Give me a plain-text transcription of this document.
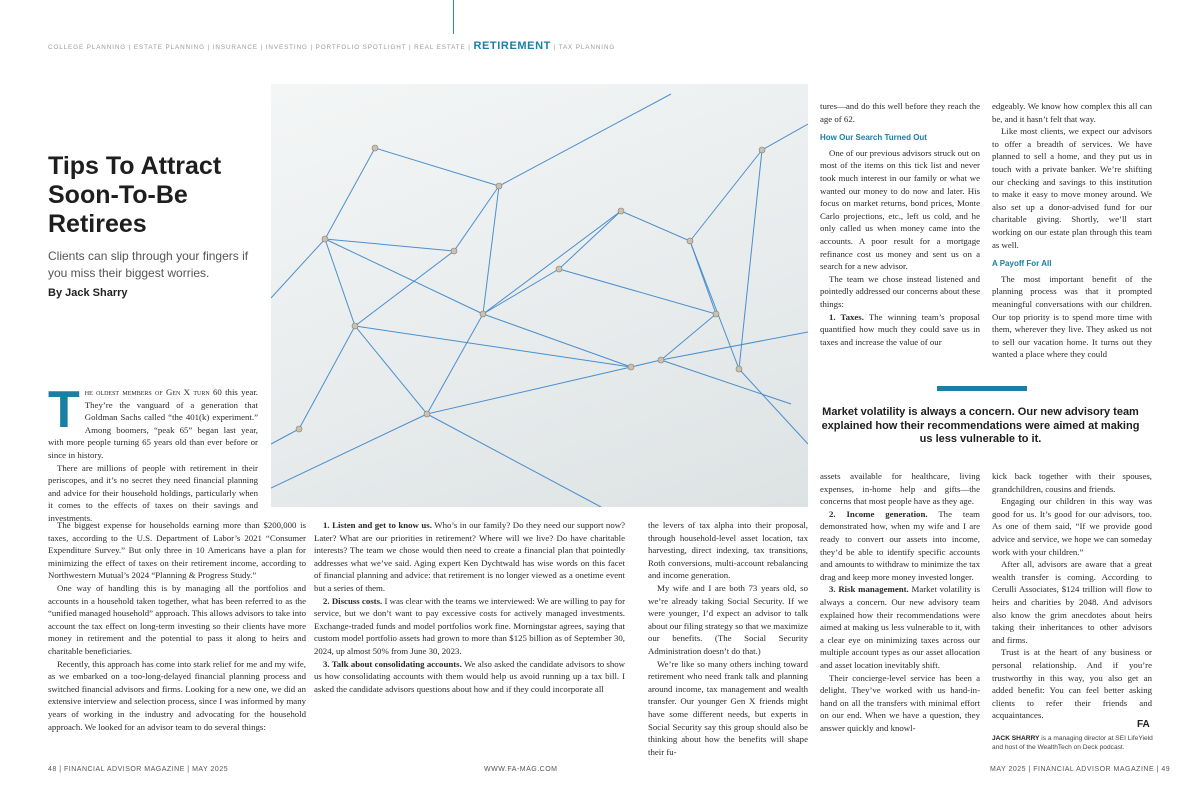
COLLEGE PLANNING | ESTATE PLANNING | INSURANCE | INVESTING | PORTFOLIO SPOTLIGHT | REAL ESTATE | RETIREMENT | TAX PLANNING
Tips To Attract Soon-To-Be Retirees
Clients can slip through your fingers if you miss their biggest worries.
By Jack Sharry

T he oldest members of Gen X turn 60 this year. They’re the vanguard of a generation that Goldman Sachs called “the 401(k) experiment.” Among boomers, “peak 65” began last year, with more people turning 65 years old than ever before or since in history.

There are millions of people with retirement in their periscopes, and it’s no secret they need financial planning and advice for their household holdings, particularly when it comes to the effects of taxes on their savings and investments.

The biggest expense for households earning more than $200,000 is taxes, according to the U.S. Department of Labor’s 2021 “Consumer Expenditure Survey.” But only three in 10 Americans have a plan for minimizing the effect of taxes on their retirement income, according to Northwestern Mutual’s 2024 “Planning & Progress Study.”

One way of handling this is by managing all the portfolios and accounts in a household taken together, what has been referred to as the “unified managed household” approach. This allows advisors to take into account the tax effect on long-term investing so their clients have more money in retirement and the potential to pass it along to heirs and charitable beneficiaries.

Recently, this approach has come into stark relief for me and my wife, as we embarked on a too-long-delayed financial planning process and switched financial advisors and firms. Looking for a new one, we did an extensive interview and selection process, since I was informed by many years of working in the industry and advocating for the household approach. We looked for an advisor team to do several things:

1. Listen and get to know us. Who’s in our family? Do they need our support now? Later? What are our priorities in retirement? Where will we live? Do have charitable interests? The team we chose would then need to create a financial plan that pointedly addresses what we’ve said. Aging expert Ken Dychtwald has wise words on this facet of financial planning and advice: that retirement is no longer viewed as a onetime event but a series of them.

2. Discuss costs. I was clear with the teams we interviewed: We are willing to pay for service, but we don’t want to pay excessive costs for actively managed investments. Exchange-traded funds and model portfolios work fine. Morningstar agrees, saying that custom model portfolio assets had grown to more than $125 billion as of September 30, 2024, up almost 50% from June 30, 2023.

3. Talk about consolidating accounts. We also asked the candidate advisors to show us how consolidating accounts with them would help us avoid running up a tax bill. I asked the candidate advisors questions about how and if they could incorporate all

the levers of tax alpha into their proposal, through household-level asset location, tax harvesting, direct indexing, tax transitions, Roth conversions, multi-account rebalancing and income generation.

My wife and I are both 73 years old, so we’re already taking Social Security. If we were younger, I’d expect an advisor to talk about our filing strategy so that we maximize our benefits. (The Social Security Administration doesn’t do that.)

We’re like so many others inching toward retirement who need frank talk and planning around income, tax management and wealth transfer. Our younger Gen X friends might have some different needs, but experts in Social Security say this group should also be thinking about how the benefits will shape their fu-

tures—and do this well before they reach the age of 62.

How Our Search Turned Out

One of our previous advisors struck out on most of the items on this tick list and never took much interest in our family or what we wanted our money to do now and later. His focus on market returns, bond prices, Monte Carlo projections, etc., left us cold, and he only called us when money came into the accounts. A poor result for a mortgage refinance cost us money and sent us on a search for a new advisor.

The team we chose instead listened and pointedly addressed our concerns about these things:

1. Taxes. The winning team’s proposal quantified how much they could save us in taxes and increase the value of our

edgeably. We know how complex this all can be, and it hasn’t felt that way.

Like most clients, we expect our advisors to offer a breadth of services. We have planned to sell a home, and they put us in touch with a private banker. We’re shifting our checking and savings to this institution to make it easy to move money around. We also set up a donor-advised fund for our charitable giving. Shortly, we’ll start working on our estate plan through this team as well.

A Payoff For All

The most important benefit of the planning process was that it prompted meaningful conversations with our children. Our top priority is to spend more time with them, wherever they live. They asked us not to sell our vacation home. It turns out they wanted a place where they could

Market volatility is always a concern. Our new advisory team explained how their recommendations were aimed at making us less vulnerable to it.

assets available for healthcare, living expenses, in-home help and gifts—the concerns that most people have as they age.

2. Income generation. The team demonstrated how, when my wife and I are ready to convert our assets into income, they’d be able to identify specific accounts and amounts to withdraw to minimize the tax drag and keep more money invested longer.

3. Risk management. Market volatility is always a concern. Our new advisory team explained how their recommendations were aimed at making us less vulnerable to it, with a clear eye on minimizing taxes across our multiple account types as our asset allocation and asset location inevitably shift.

Their concierge-level service has been a delight. They’ve worked with us hand-in-hand on all the transfers with minimal effort on our end. When we have a question, they answer quickly and knowl-

kick back together with their spouses, grandchildren, cousins and friends.

Engaging our children in this way was good for us. It’s good for our advisors, too. As one of them said, “If we provide good advice and service, we hope we can someday work with your children.”

After all, advisors are aware that a great wealth transfer is coming. According to Cerulli Associates, $124 trillion will flow to heirs and charities by 2048. And advisors also know the grim anecdotes about heirs taking their inheritances to other advisors and firms.

Trust is at the heart of any business or personal relationship. And if you’re trustworthy in this way, you also get an added benefit: You can feel better asking clients to refer their friends and acquaintances.

FA
JACK SHARRY is a managing director at SEI LifeYield and host of the WealthTech on Deck podcast.
48 | FINANCIAL ADVISOR MAGAZINE | MAY 2025	WWW.FA-MAG.COM	MAY 2025 | FINANCIAL ADVISOR MAGAZINE | 49
